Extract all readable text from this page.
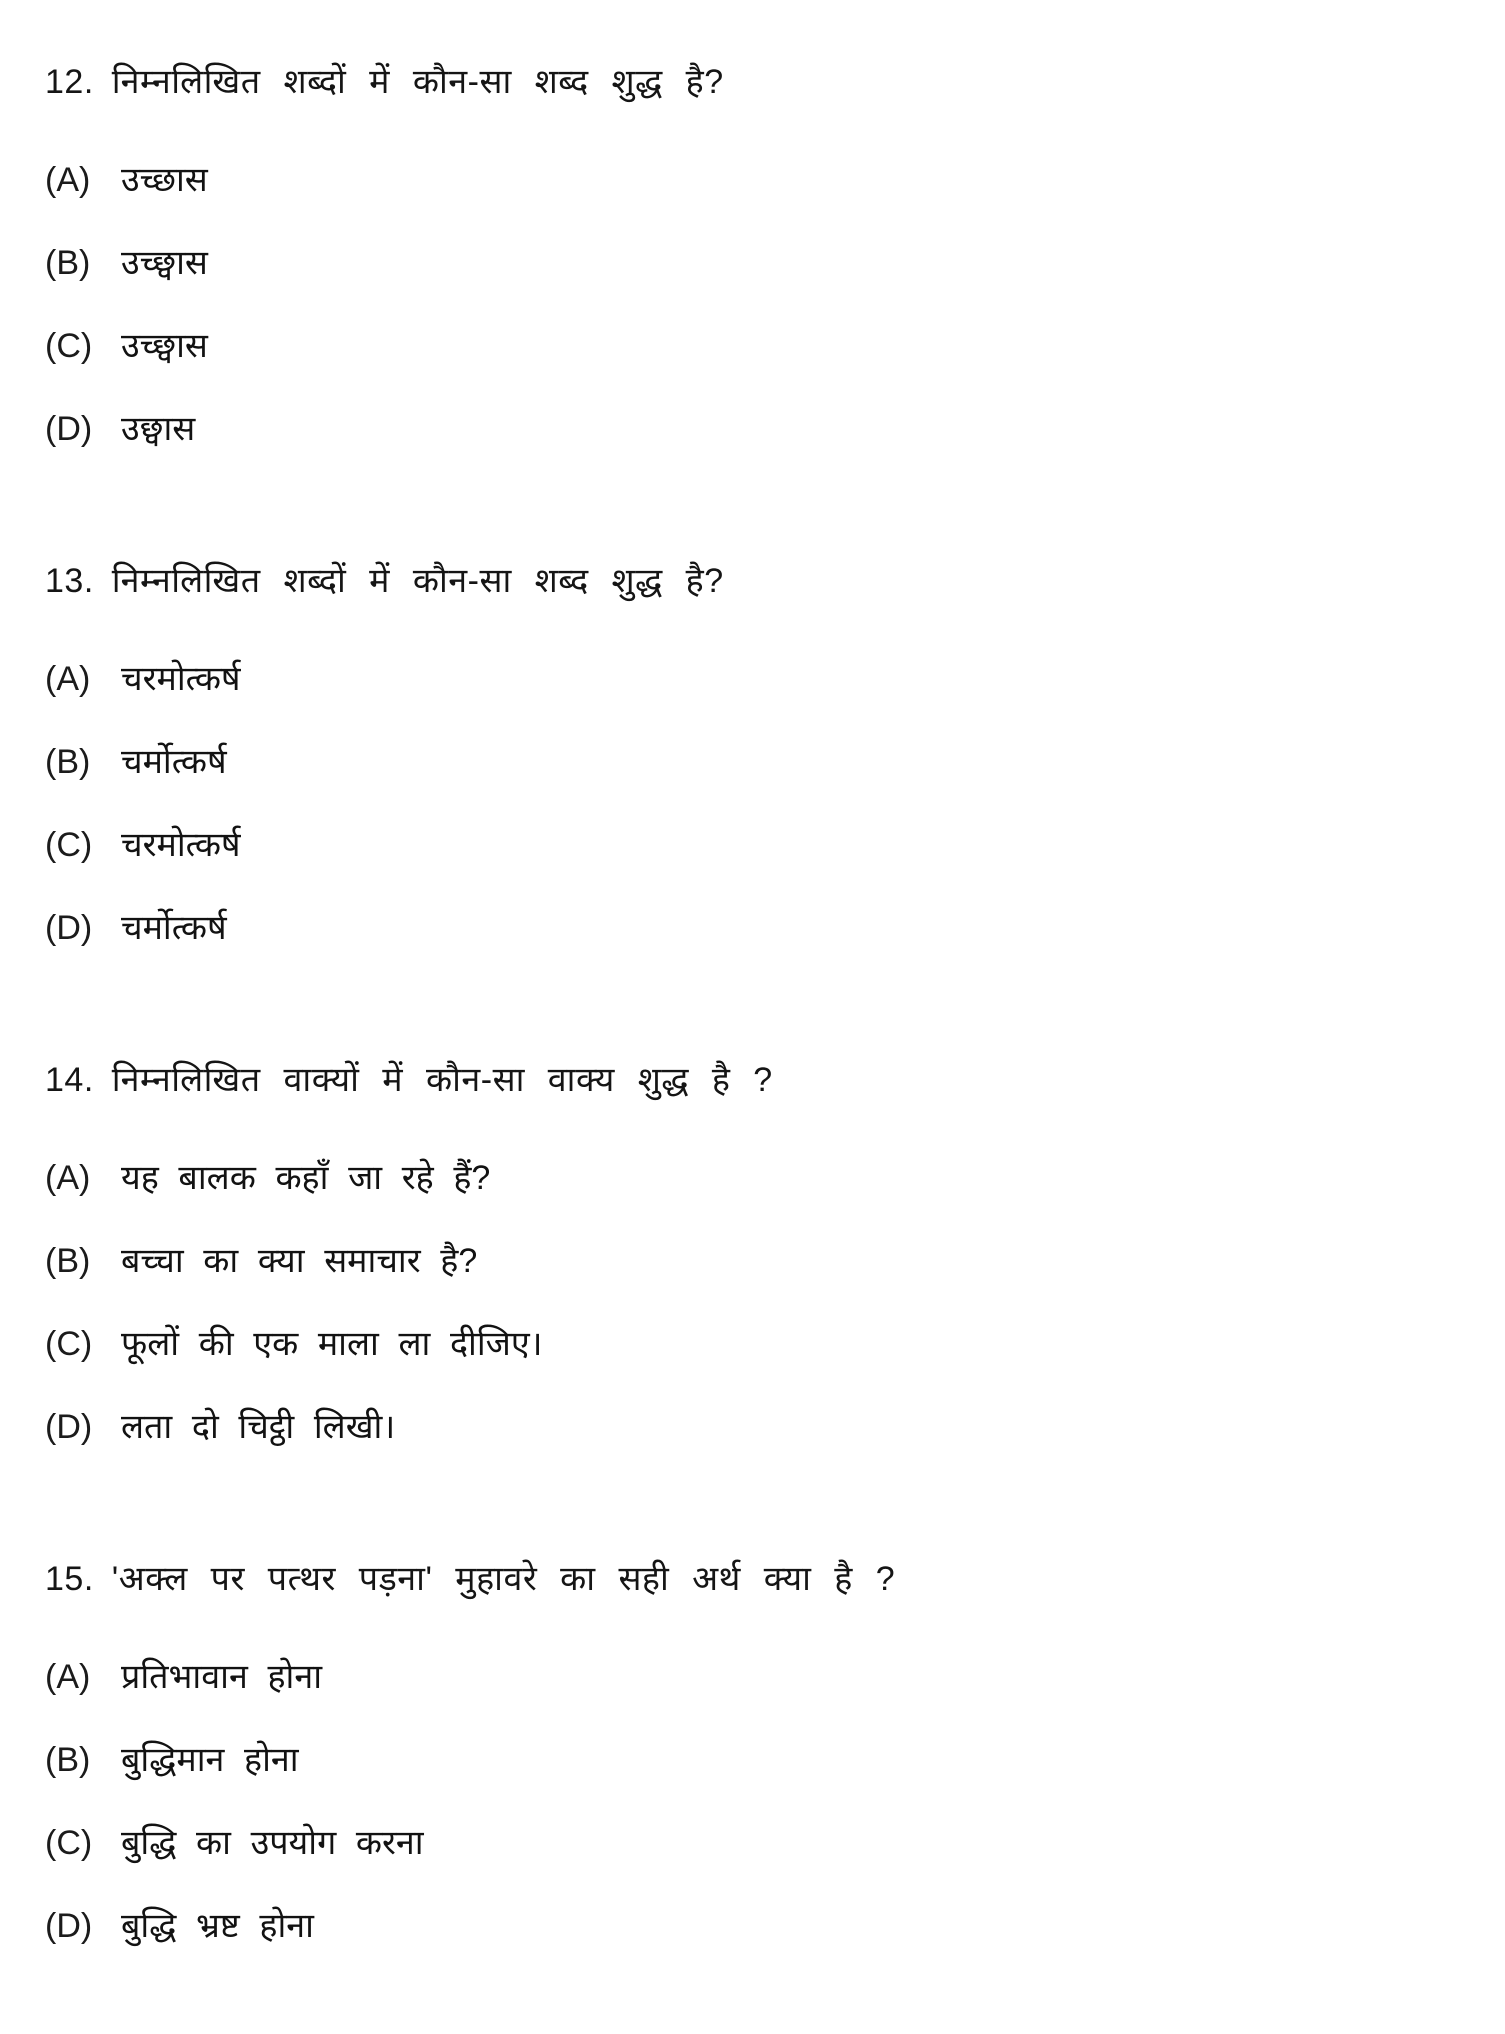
12. निम्नलिखित शब्दों में कौन-सा शब्द शुद्ध है?
(A) उच्छास
(B) उच्छ्वास
(C) उच्छ्वास
(D) उछ्वास
13. निम्नलिखित शब्दों में कौन-सा शब्द शुद्ध है?
(A) चरमोत्कर्ष
(B) चर्मोत्कर्ष
(C) चरमोत्कर्ष
(D) चर्मोत्कर्ष
14. निम्नलिखित वाक्यों में कौन-सा वाक्य शुद्ध है ?
(A) यह बालक कहाँ जा रहे हैं?
(B) बच्चा का क्या समाचार है?
(C) फूलों की एक माला ला दीजिए।
(D) लता दो चिट्ठी लिखी।
15. 'अक्ल पर पत्थर पड़ना' मुहावरे का सही अर्थ क्या है ?
(A) प्रतिभावान होना
(B) बुद्धिमान होना
(C) बुद्धि का उपयोग करना
(D) बुद्धि भ्रष्ट होना
